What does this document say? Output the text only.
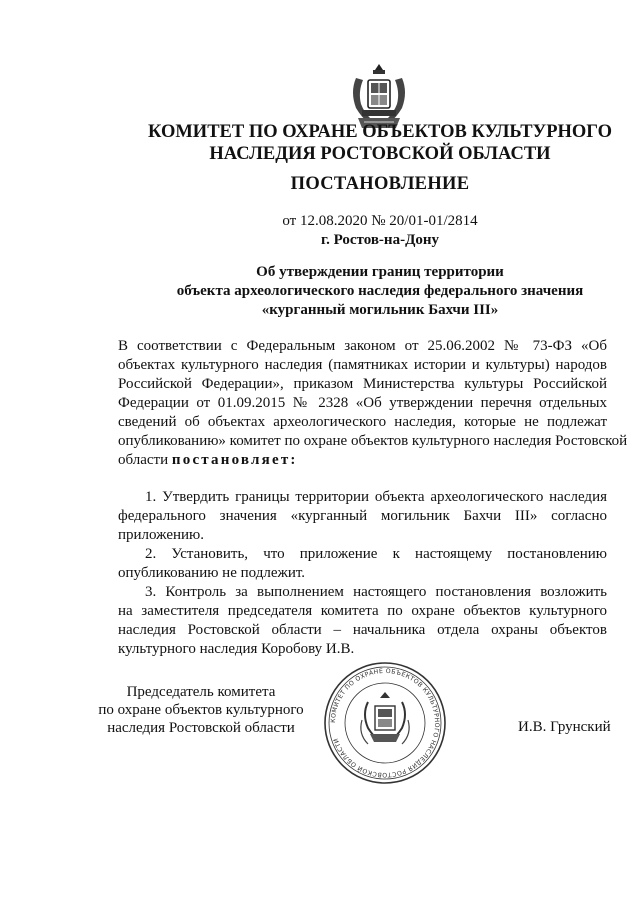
КОМИТЕТ ПО ОХРАНЕ ОБЪЕКТОВ КУЛЬТУРНОГО
НАСЛЕДИЯ РОСТОВСКОЙ ОБЛАСТИ
ПОСТАНОВЛЕНИЕ
от 12.08.2020 № 20/01-01/2814
г. Ростов-на-Дону
Об утверждении границ территории
объекта археологического наследия федерального значения
«курганный могильник Бахчи III»
В соответствии с Федеральным законом от 25.06.2002 № 73-ФЗ «Об
объектах культурного наследия (памятниках истории и культуры) народов
Российской Федерации», приказом Министерства культуры Российской
Федерации от 01.09.2015 № 2328 «Об утверждении перечня отдельных
сведений об объектах археологического наследия, которые не подлежат
опубликованию» комитет по охране объектов культурного наследия Ростовской
области постановляет:
1. Утвердить границы территории объекта археологического наследия
федерального значения «курганный могильник Бахчи III» согласно
приложению.
2. Установить, что приложение к настоящему постановлению
опубликованию не подлежит.
3. Контроль за выполнением настоящего постановления возложить
на заместителя председателя комитета по охране объектов культурного
наследия Ростовской области – начальника отдела охраны объектов
культурного наследия Коробову И.В.
Председатель комитета
по охране объектов культурного
наследия Ростовской области	КОМИТЕТ ПО ОХРАНЕ ОБЪЕКТОВ КУЛЬТУРНОГО НАСЛЕДИЯ РОСТОВСКОЙ ОБЛАСТИ
И.В. Грунский
